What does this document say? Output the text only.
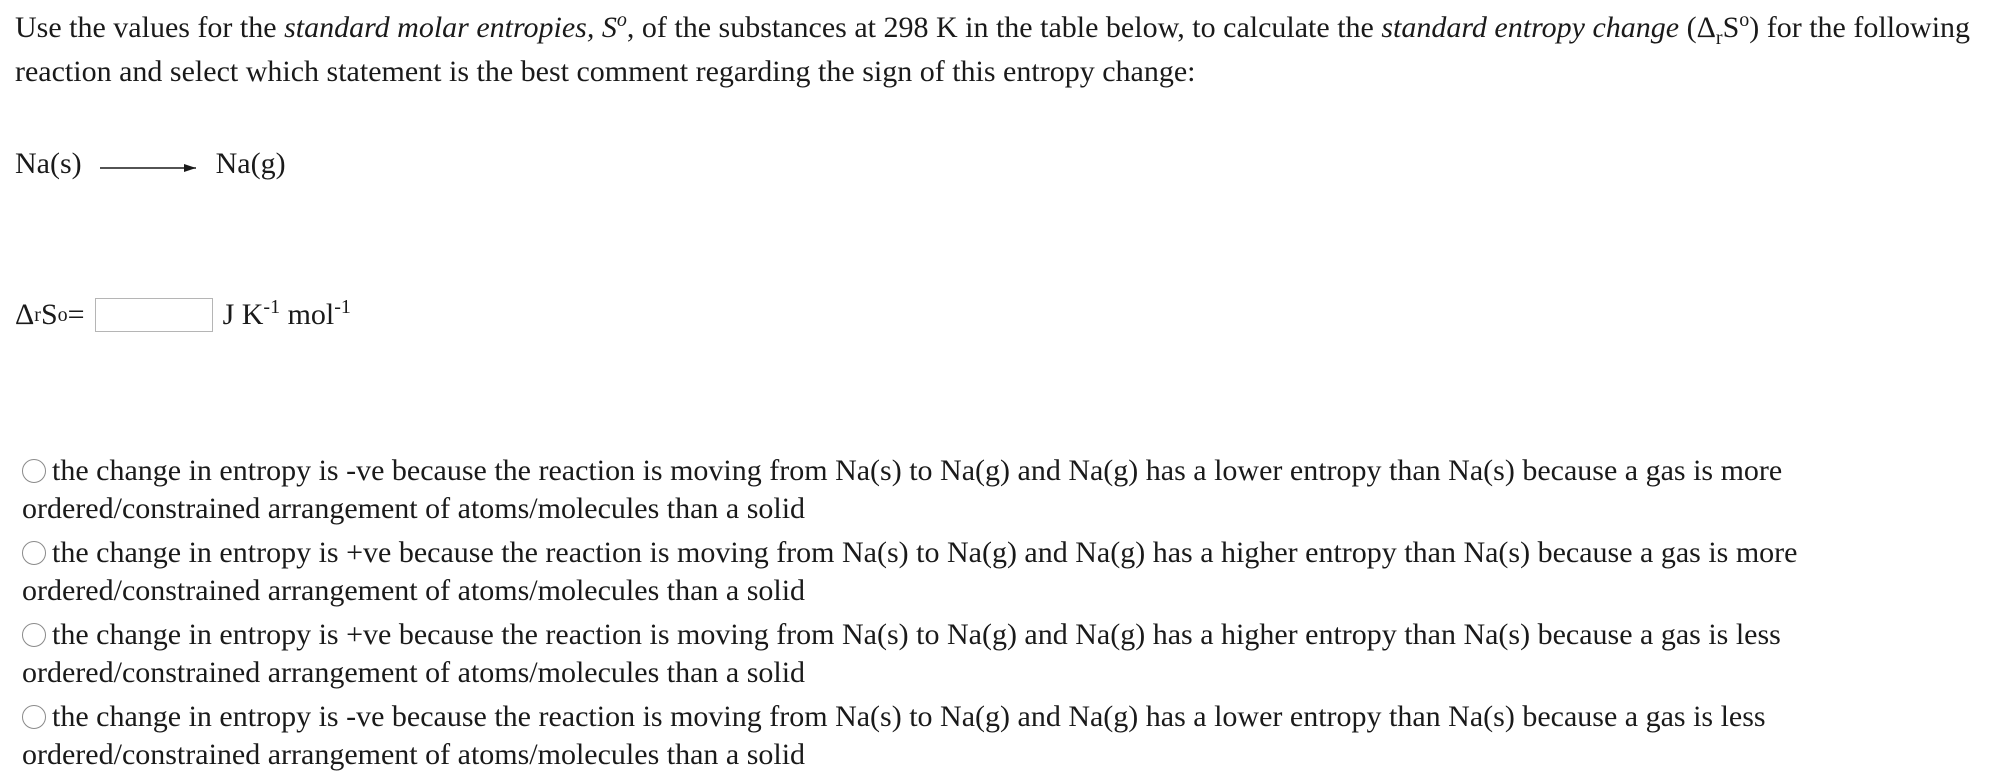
Use the values for the standard molar entropies, $S^o$, of the substances at 298 K in the table below, to calculate the standard entropy change $(\Delta_rS^o)$ for the following reaction and select which statement is the best comment regarding the sign of this entropy change:
Na(s) → Na(g)
Δ r S o =	J $K^{-1}$ mol$^{-1}$
the change in entropy is -ve because the reaction is moving from Na(s) to Na(g) and Na(g) has a lower entropy than Na(s) because a gas is more ordered/constrained arrangement of atoms/molecules than a solid
the change in entropy is +ve because the reaction is moving from Na(s) to Na(g) and Na(g) has a higher entropy than Na(s) because a gas is more ordered/constrained arrangement of atoms/molecules than a solid
the change in entropy is +ve because the reaction is moving from Na(s) to Na(g) and Na(g) has a higher entropy than Na(s) because a gas is less ordered/constrained arrangement of atoms/molecules than a solid
the change in entropy is -ve because the reaction is moving from Na(s) to Na(g) and Na(g) has a lower entropy than Na(s) because a gas is less ordered/constrained arrangement of atoms/molecules than a solid
